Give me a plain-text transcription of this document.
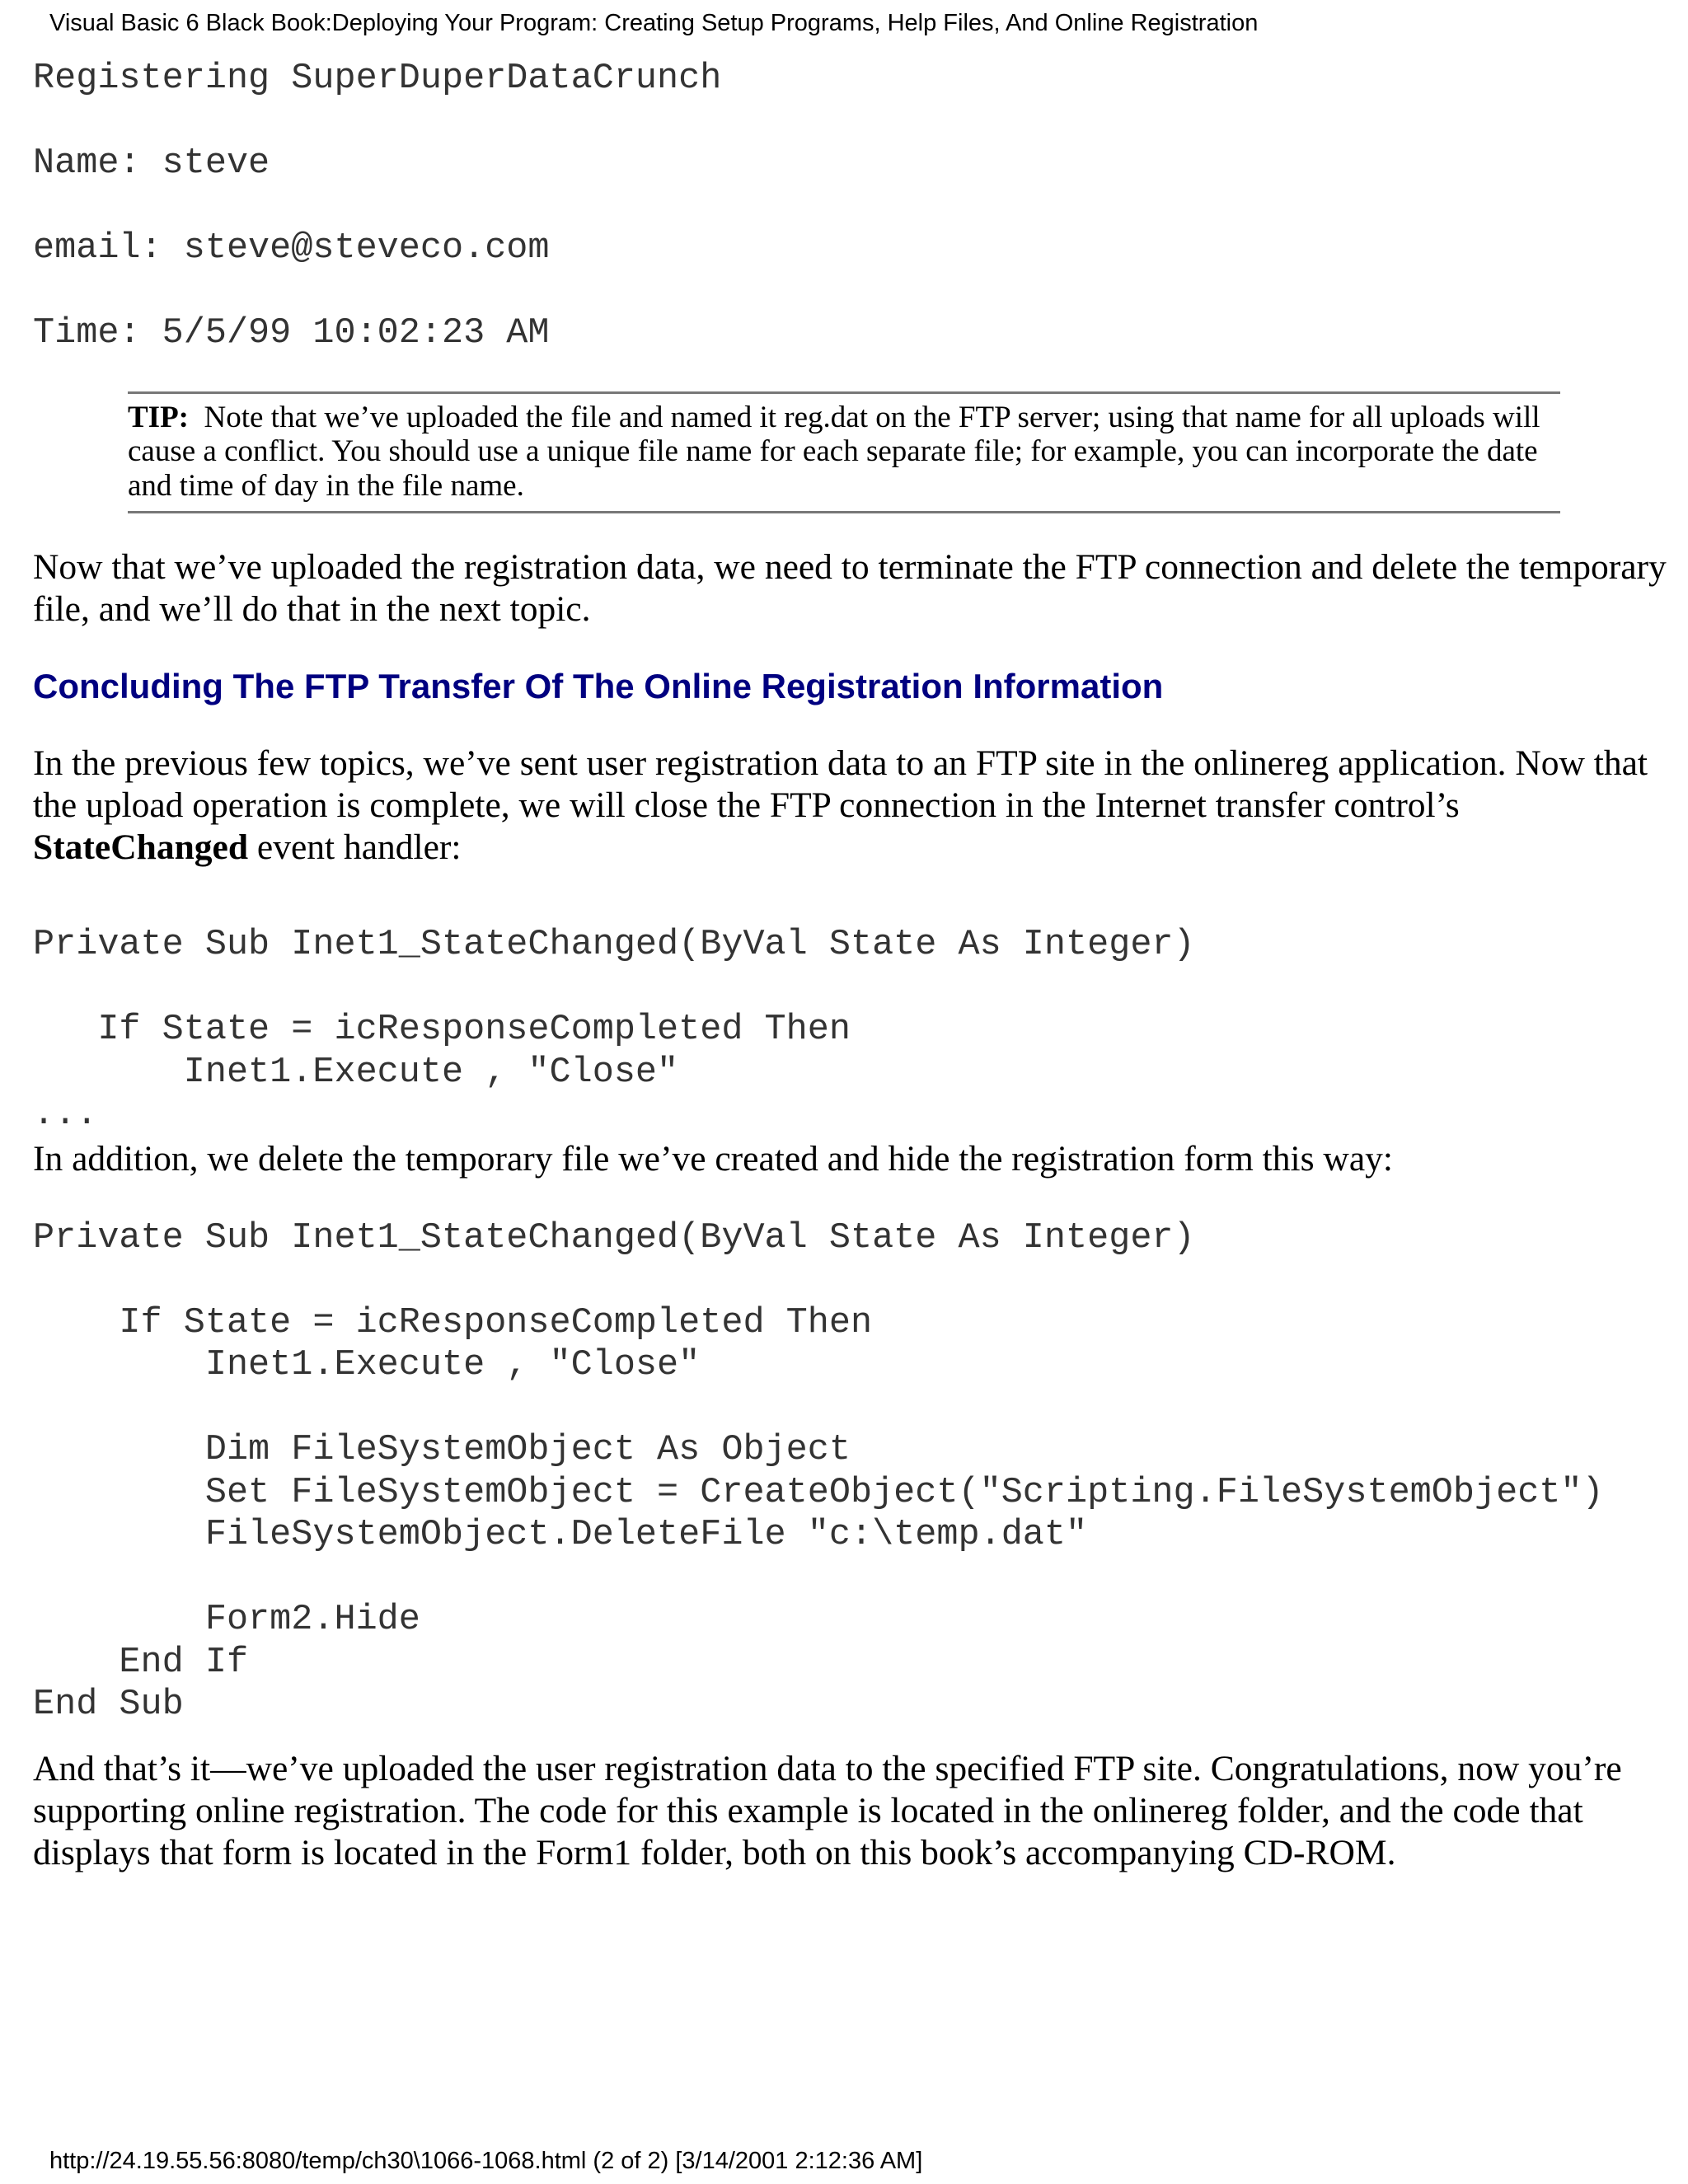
Visual Basic 6 Black Book:Deploying Your Program: Creating Setup Programs, Help Files, And Online Registration

Registering SuperDuperDataCrunch

Name: steve

email: steve@steveco.com

Time: 5/5/99 10:02:23 AM

TIP: Note that we’ve uploaded the file and named it reg.dat on the FTP server; using that name for all uploads will cause a conflict. You should use a unique file name for each separate file; for example, you can incorporate the date and time of day in the file name.

Now that we’ve uploaded the registration data, we need to terminate the FTP connection and delete the temporary file, and we’ll do that in the next topic.

Concluding The FTP Transfer Of The Online Registration Information

In the previous few topics, we’ve sent user registration data to an FTP site in the onlinereg application. Now that the upload operation is complete, we will close the FTP connection in the Internet transfer control’s StateChanged event handler:

Private Sub Inet1_StateChanged(ByVal State As Integer)

If State = icResponseCompleted Then
Inet1.Execute , "Close"
...

In addition, we delete the temporary file we’ve created and hide the registration form this way:

Private Sub Inet1_StateChanged(ByVal State As Integer)

If State = icResponseCompleted Then
Inet1.Execute , "Close"

Dim FileSystemObject As Object
Set FileSystemObject = CreateObject("Scripting.FileSystemObject")
FileSystemObject.DeleteFile "c:\temp.dat"

Form2.Hide
End If
End Sub

And that’s it—we’ve uploaded the user registration data to the specified FTP site. Congratulations, now you’re supporting online registration. The code for this example is located in the onlinereg folder, and the code that displays that form is located in the Form1 folder, both on this book’s accompanying CD-ROM.

http://24.19.55.56:8080/temp/ch30\1066-1068.html (2 of 2) [3/14/2001 2:12:36 AM]
